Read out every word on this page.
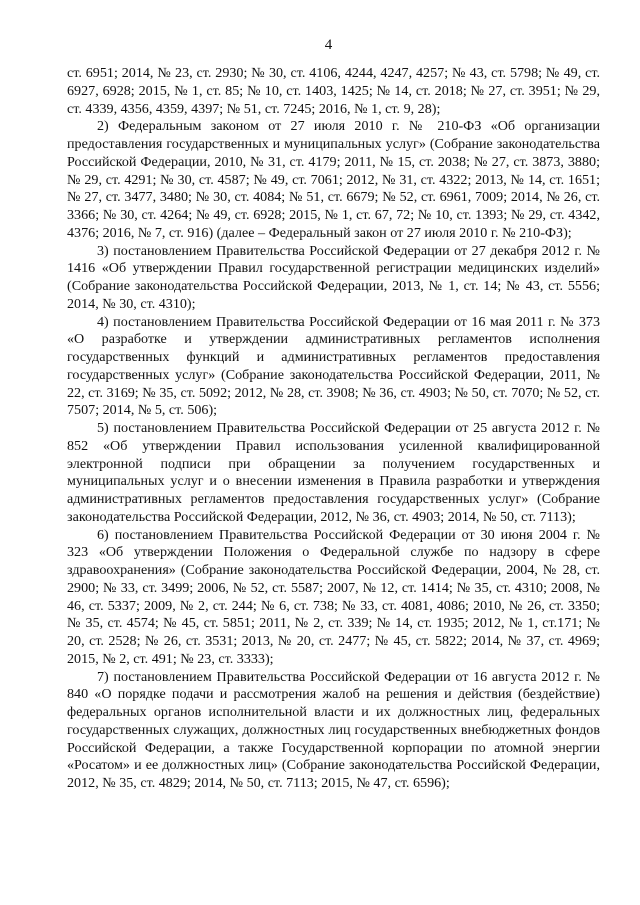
4

ст. 6951; 2014, № 23, ст. 2930; № 30, ст. 4106, 4244, 4247, 4257; № 43, ст. 5798; № 49, ст. 6927, 6928; 2015, № 1, ст. 85; № 10, ст. 1403, 1425; № 14, ст. 2018; № 27, ст. 3951; № 29, ст. 4339, 4356, 4359, 4397; № 51, ст. 7245; 2016, № 1, ст. 9, 28);

2) Федеральным законом от 27 июля 2010 г. № 210-ФЗ «Об организации предоставления государственных и муниципальных услуг» (Собрание законодательства Российской Федерации, 2010, № 31, ст. 4179; 2011, № 15, ст. 2038; № 27, ст. 3873, 3880; № 29, ст. 4291; № 30, ст. 4587; № 49, ст. 7061; 2012, № 31, ст. 4322; 2013, № 14, ст. 1651; № 27, ст. 3477, 3480; № 30, ст. 4084; № 51, ст. 6679; № 52, ст. 6961, 7009; 2014, № 26, ст. 3366; № 30, ст. 4264; № 49, ст. 6928; 2015, № 1, ст. 67, 72; № 10, ст. 1393; № 29, ст. 4342, 4376; 2016, № 7, ст. 916) (далее – Федеральный закон от 27 июля 2010 г. № 210-ФЗ);

3) постановлением Правительства Российской Федерации от 27 декабря 2012 г. № 1416 «Об утверждении Правил государственной регистрации медицинских изделий» (Собрание законодательства Российской Федерации, 2013, № 1, ст. 14; № 43, ст. 5556; 2014, № 30, ст. 4310);

4) постановлением Правительства Российской Федерации от 16 мая 2011 г. № 373 «О разработке и утверждении административных регламентов исполнения государственных функций и административных регламентов предоставления государственных услуг» (Собрание законодательства Российской Федерации, 2011, № 22, ст. 3169; № 35, ст. 5092; 2012, № 28, ст. 3908; № 36, ст. 4903; № 50, ст. 7070; № 52, ст. 7507; 2014, № 5, ст. 506);

5) постановлением Правительства Российской Федерации от 25 августа 2012 г. № 852 «Об утверждении Правил использования усиленной квалифицированной электронной подписи при обращении за получением государственных и муниципальных услуг и о внесении изменения в Правила разработки и утверждения административных регламентов предоставления государственных услуг» (Собрание законодательства Российской Федерации, 2012, № 36, ст. 4903; 2014, № 50, ст. 7113);

6) постановлением Правительства Российской Федерации от 30 июня 2004 г. № 323 «Об утверждении Положения о Федеральной службе по надзору в сфере здравоохранения» (Собрание законодательства Российской Федерации, 2004, № 28, ст. 2900; № 33, ст. 3499; 2006, № 52, ст. 5587; 2007, № 12, ст. 1414; № 35, ст. 4310; 2008, № 46, ст. 5337; 2009, № 2, ст. 244; № 6, ст. 738; № 33, ст. 4081, 4086; 2010, № 26, ст. 3350; № 35, ст. 4574; № 45, ст. 5851; 2011, № 2, ст. 339; № 14, ст. 1935; 2012, № 1, ст.171; № 20, ст. 2528; № 26, ст. 3531; 2013, № 20, ст. 2477; № 45, ст. 5822; 2014, № 37, ст. 4969; 2015, № 2, ст. 491; № 23, ст. 3333);

7) постановлением Правительства Российской Федерации от 16 августа 2012 г. № 840 «О порядке подачи и рассмотрения жалоб на решения и действия (бездействие) федеральных органов исполнительной власти и их должностных лиц, федеральных государственных служащих, должностных лиц государственных внебюджетных фондов Российской Федерации, а также Государственной корпорации по атомной энергии «Росатом» и ее должностных лиц» (Собрание законодательства Российской Федерации, 2012, № 35, ст. 4829; 2014, № 50, ст. 7113; 2015, № 47, ст. 6596);
